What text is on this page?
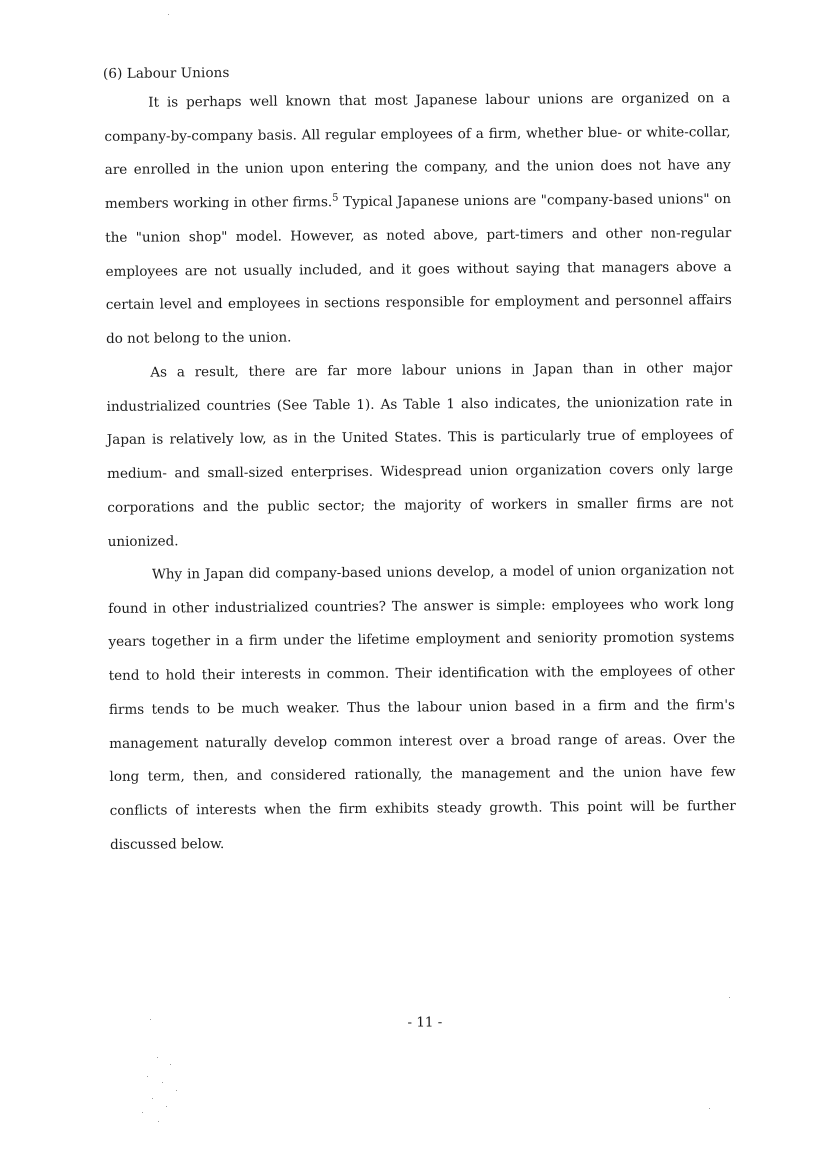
(6) Labour Unions

It is perhaps well known that most Japanese labour unions are organized on a company-by-company basis. All regular employees of a firm, whether blue- or white-collar, are enrolled in the union upon entering the company, and the union does not have any members working in other firms.$^5$ Typical Japanese unions are "company-based unions" on the "union shop" model. However, as noted above, part-timers and other non-regular employees are not usually included, and it goes without saying that managers above a certain level and employees in sections responsible for employment and personnel affairs do not belong to the union.

As a result, there are far more labour unions in Japan than in other major industrialized countries (See Table 1). As Table 1 also indicates, the unionization rate in Japan is relatively low, as in the United States. This is particularly true of employees of medium- and small-sized enterprises. Widespread union organization covers only large corporations and the public sector; the majority of workers in smaller firms are not unionized.

Why in Japan did company-based unions develop, a model of union organization not found in other industrialized countries? The answer is simple: employees who work long years together in a firm under the lifetime employment and seniority promotion systems tend to hold their interests in common. Their identification with the employees of other firms tends to be much weaker. Thus the labour union based in a firm and the firm's management naturally develop common interest over a broad range of areas. Over the long term, then, and considered rationally, the management and the union have few conflicts of interests when the firm exhibits steady growth. This point will be further discussed below.

- 11 -
